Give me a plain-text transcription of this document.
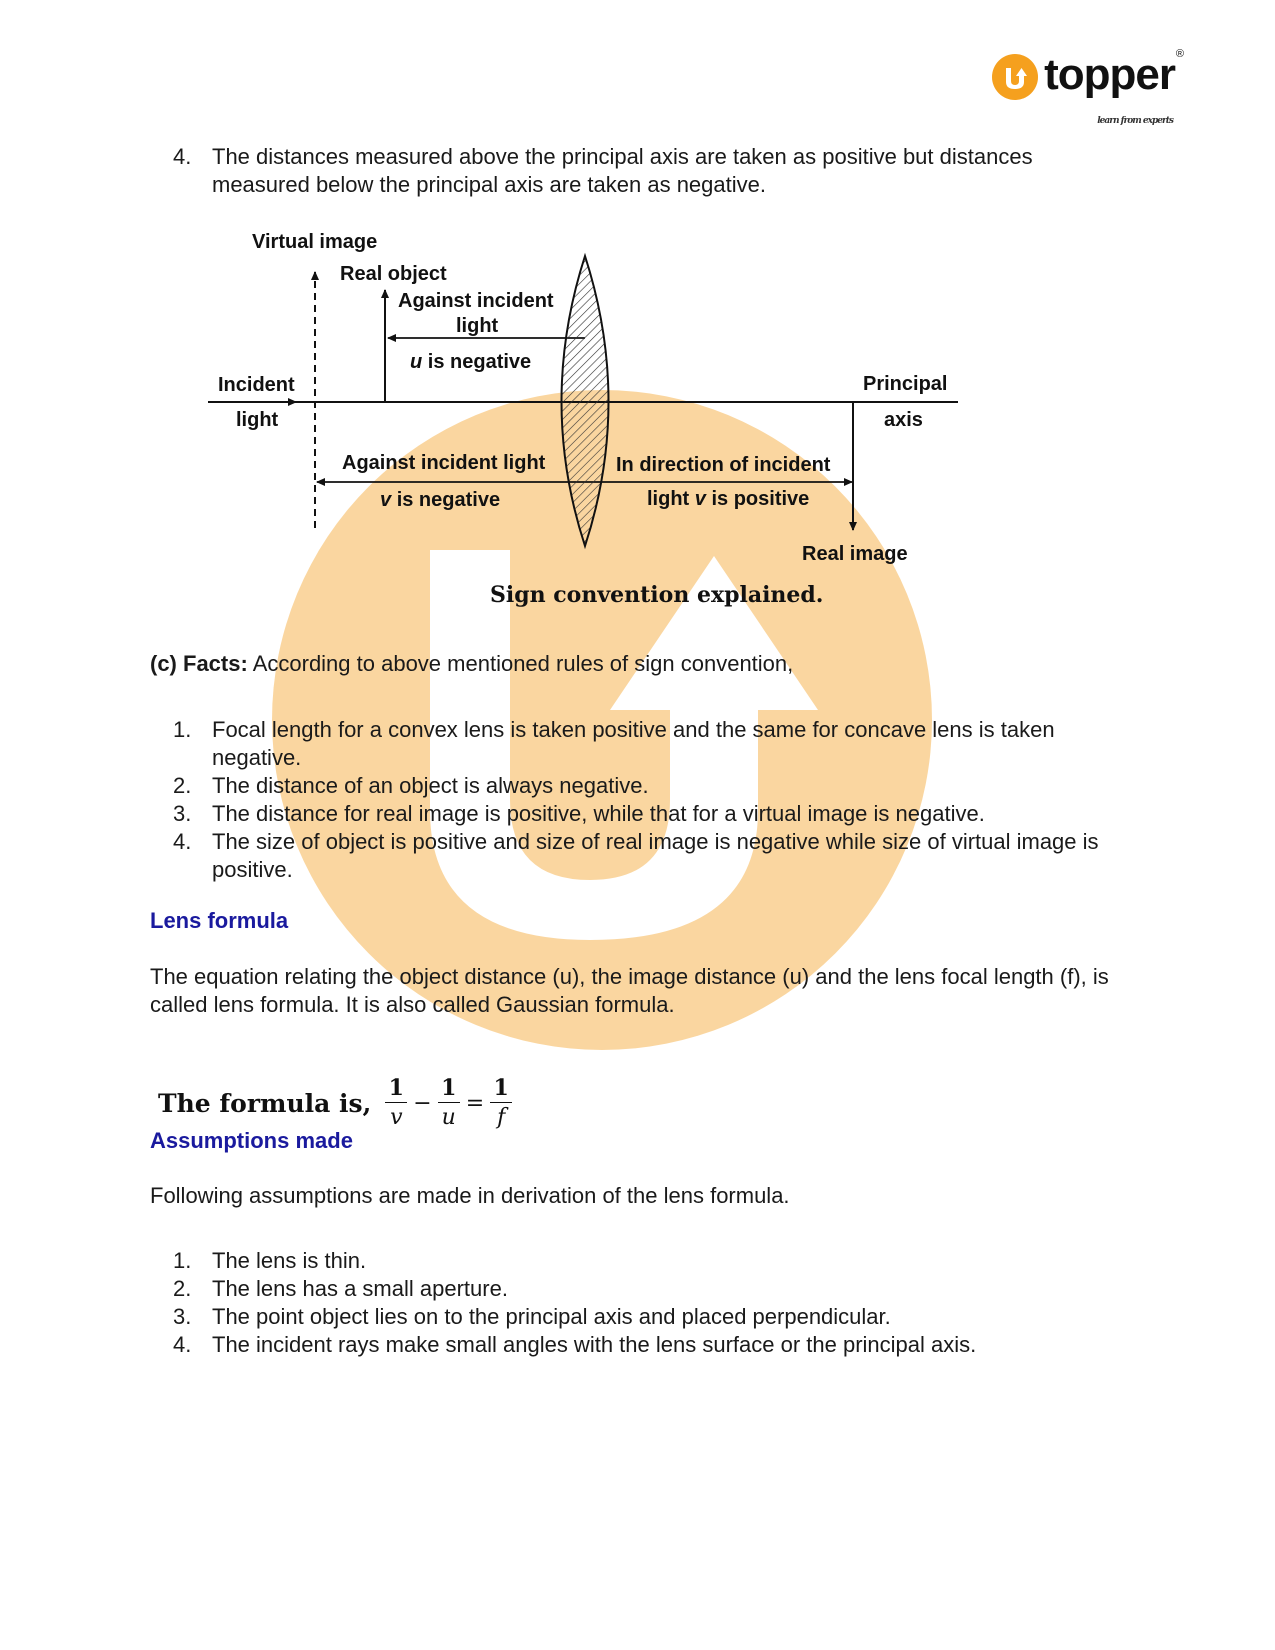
topper ®
learn from experts
4. The distances measured above the principal axis are taken as positive but distances measured below the principal axis are taken as negative.
Virtual image
Real object
Against incident
light
u is negative
Incident
light
Principal
axis
Against incident light
v is negative
In direction of incident
light v is positive
Real image
Sign convention explained.
(c) Facts: According to above mentioned rules of sign convention,
1. Focal length for a convex lens is taken positive and the same for concave lens is taken negative.
2. The distance of an object is always negative.
3. The distance for real image is positive, while that for a virtual image is negative.
4. The size of object is positive and size of real image is negative while size of virtual image is positive.
Lens formula
The equation relating the object distance (u), the image distance (u) and the lens focal length (f), is called lens formula. It is also called Gaussian formula.
The formula is, $\frac{1}{v} - \frac{1}{u} = \frac{1}{f}$
Assumptions made
Following assumptions are made in derivation of the lens formula.
1. The lens is thin.
2. The lens has a small aperture.
3. The point object lies on to the principal axis and placed perpendicular.
4. The incident rays make small angles with the lens surface or the principal axis.
